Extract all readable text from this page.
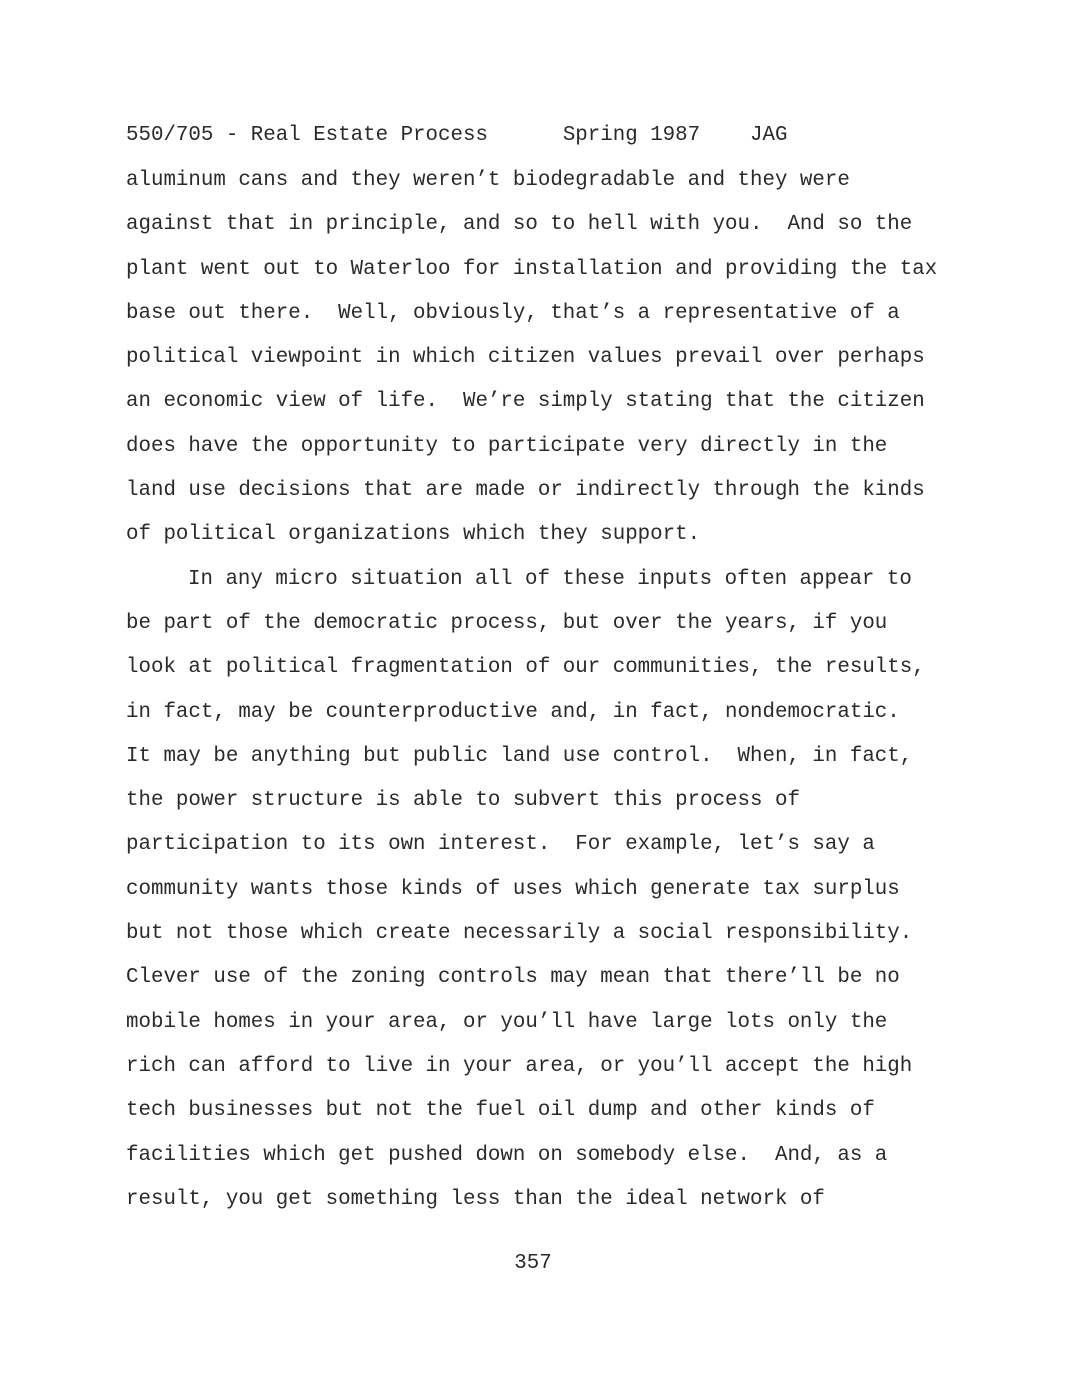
550/705 - Real Estate Process	Spring 1987 JAG
aluminum cans and they weren’t biodegradable and they were
against that in principle, and so to hell with you.  And so the
plant went out to Waterloo for installation and providing the tax
base out there.  Well, obviously, that’s a representative of a
political viewpoint in which citizen values prevail over perhaps
an economic view of life.  We’re simply stating that the citizen
does have the opportunity to participate very directly in the
land use decisions that are made or indirectly through the kinds
of political organizations which they support.
In any micro situation all of these inputs often appear to
be part of the democratic process, but over the years, if you
look at political fragmentation of our communities, the results,
in fact, may be counterproductive and, in fact, nondemocratic.
It may be anything but public land use control.  When, in fact,
the power structure is able to subvert this process of
participation to its own interest.  For example, let’s say a
community wants those kinds of uses which generate tax surplus
but not those which create necessarily a social responsibility.
Clever use of the zoning controls may mean that there’ll be no
mobile homes in your area, or you’ll have large lots only the
rich can afford to live in your area, or you’ll accept the high
tech businesses but not the fuel oil dump and other kinds of
facilities which get pushed down on somebody else.  And, as a
result, you get something less than the ideal network of
357
